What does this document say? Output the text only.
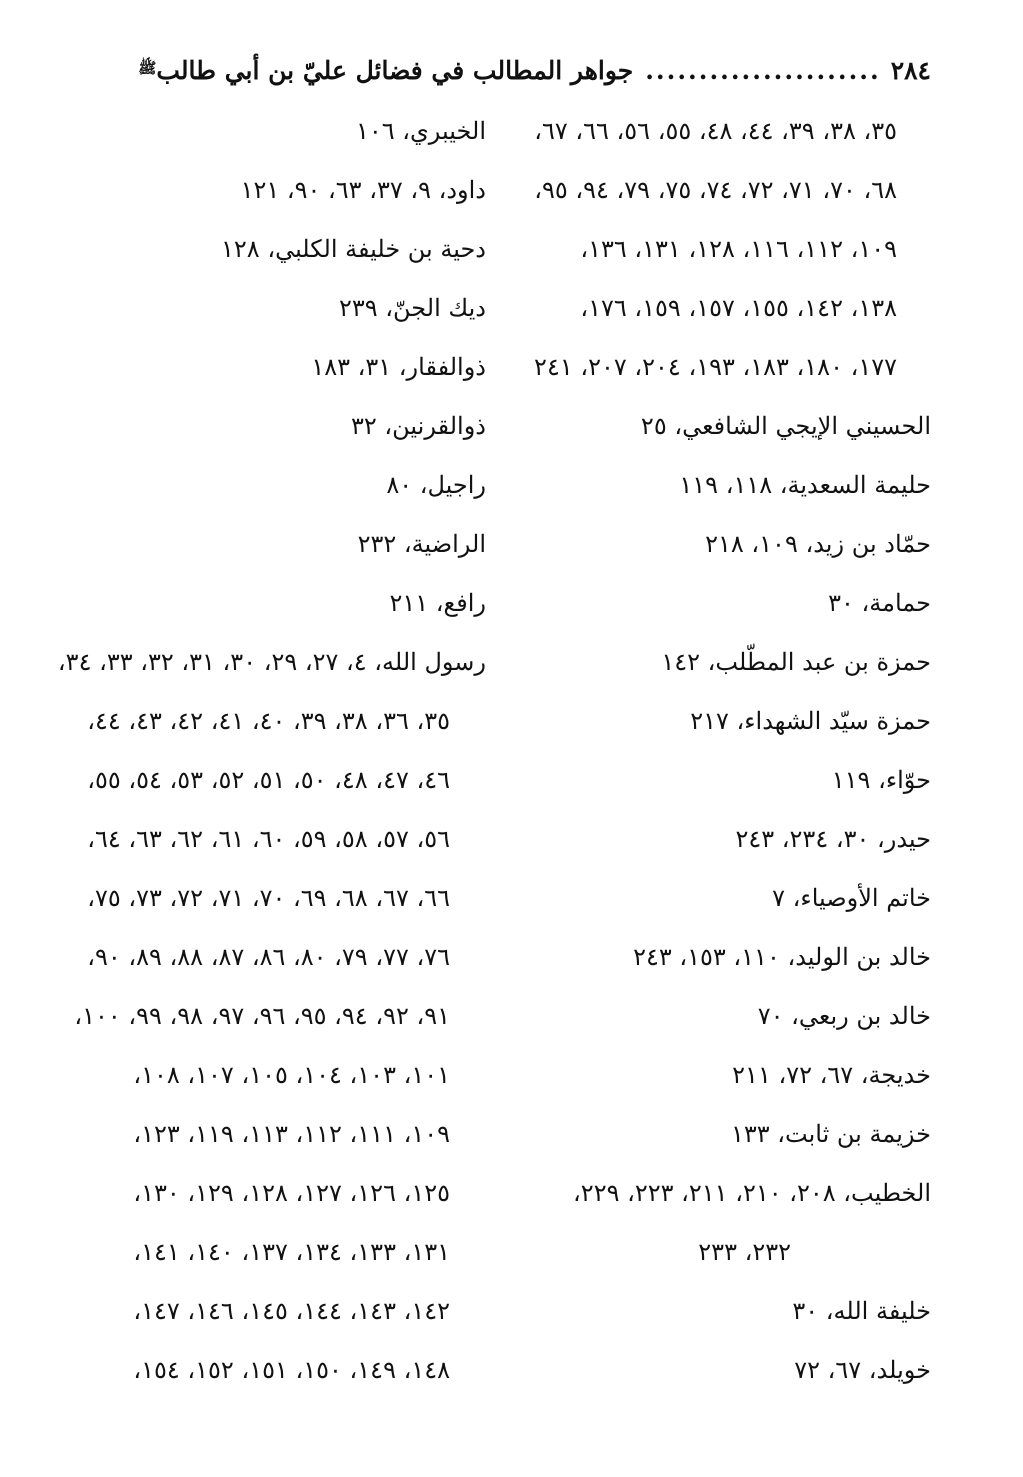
٢٨٤
......................
جواهر المطالب في فضائل عليّ بن أبي طالب
ﷺ
٣٥، ٣٨، ٣٩، ٤٤، ٤٨، ٥٥، ٥٦، ٦٦، ٦٧،
٦٨، ٧٠، ٧١، ٧٢، ٧٤، ٧٥، ٧٩، ٩٤، ٩٥،
١٠٩، ١١٢، ١١٦، ١٢٨، ١٣١، ١٣٦،
١٣٨، ١٤٢، ١٥٥، ١٥٧، ١٥٩، ١٧٦،
١٧٧، ١٨٠، ١٨٣، ١٩٣، ٢٠٤، ٢٠٧، ٢٤١
الحسيني الإيجي الشافعي، ٢٥
حليمة السعدية، ١١٨، ١١٩
حمّاد بن زيد، ١٠٩، ٢١٨
حمامة، ٣٠
حمزة بن عبد المطّلب، ١٤٢
حمزة سيّد الشهداء، ٢١٧
حوّاء، ١١٩
حيدر، ٣٠، ٢٣٤، ٢٤٣
خاتم الأوصياء، ٧
خالد بن الوليد، ١١٠، ١٥٣، ٢٤٣
خالد بن ربعي، ٧٠
خديجة، ٦٧، ٧٢، ٢١١
خزيمة بن ثابت، ١٣٣
الخطيب، ٢٠٨، ٢١٠، ٢١١، ٢٢٣، ٢٢٩،
٢٣٢، ٢٣٣
خليفة الله، ٣٠
خويلد، ٦٧، ٧٢
الخيبري، ١٠٦
داود، ٩، ٣٧، ٦٣، ٩٠، ١٢١
دحية بن خليفة الكلبي، ١٢٨
ديك الجنّ، ٢٣٩
ذوالفقار، ٣١، ١٨٣
ذوالقرنين، ٣٢
راجيل، ٨٠
الراضية، ٢٣٢
رافع، ٢١١
رسول الله، ٤، ٢٧، ٢٩، ٣٠، ٣١، ٣٢، ٣٣، ٣٤،
٣٥، ٣٦، ٣٨، ٣٩، ٤٠، ٤١، ٤٢، ٤٣، ٤٤،
٤٦، ٤٧، ٤٨، ٥٠، ٥١، ٥٢، ٥٣، ٥٤، ٥٥،
٥٦، ٥٧، ٥٨، ٥٩، ٦٠، ٦١، ٦٢، ٦٣، ٦٤،
٦٦، ٦٧، ٦٨، ٦٩، ٧٠، ٧١، ٧٢، ٧٣، ٧٥،
٧٦، ٧٧، ٧٩، ٨٠، ٨٦، ٨٧، ٨٨، ٨٩، ٩٠،
٩١، ٩٢، ٩٤، ٩٥، ٩٦، ٩٧، ٩٨، ٩٩، ١٠٠،
١٠١، ١٠٣، ١٠٤، ١٠٥، ١٠٧، ١٠٨،
١٠٩، ١١١، ١١٢، ١١٣، ١١٩، ١٢٣،
١٢٥، ١٢٦، ١٢٧، ١٢٨، ١٢٩، ١٣٠،
١٣١، ١٣٣، ١٣٤، ١٣٧، ١٤٠، ١٤١،
١٤٢، ١٤٣، ١٤٤، ١٤٥، ١٤٦، ١٤٧،
١٤٨، ١٤٩، ١٥٠، ١٥١، ١٥٢، ١٥٤،
